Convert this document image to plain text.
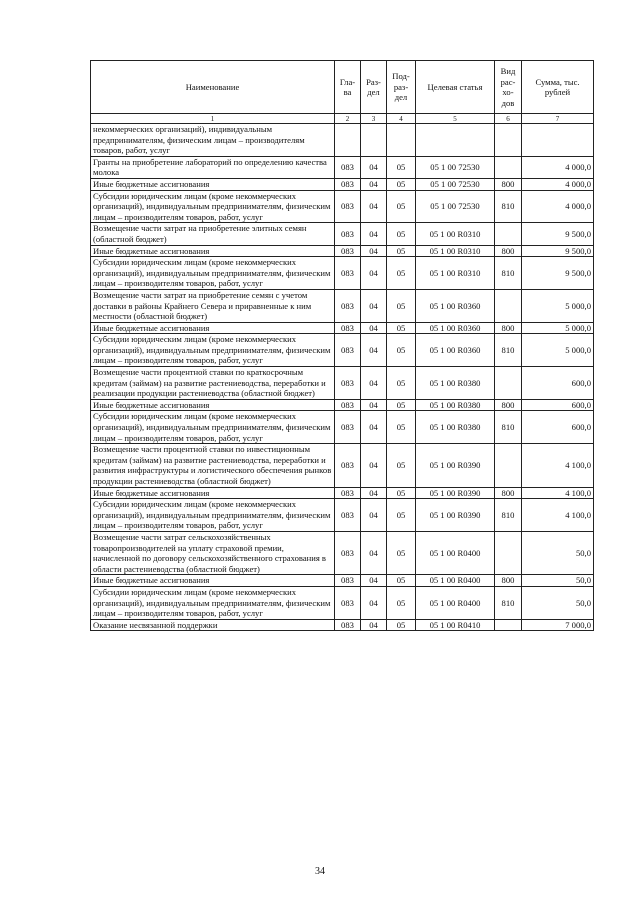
Наименование	Гла-ва	Раз-дел	Под-раз-дел	Целевая статья	Вид рас-хо-дов	Сумма, тыс. рублей
1	2	3	4	5	6	7
некоммерческих организаций), индивидуальным предпринимателям, физическим лицам – производителям товаров, работ, услуг						
Гранты на приобретение лабораторий по определению качества молока	083	04	05	05 1 00 72530		4 000,0
Иные бюджетные ассигнования	083	04	05	05 1 00 72530	800	4 000,0
Субсидии юридическим лицам (кроме некоммерческих организаций), индивидуальным предпринимателям, физическим лицам – производителям товаров, работ, услуг	083	04	05	05 1 00 72530	810	4 000,0
Возмещение части затрат на приобретение элитных семян (областной бюджет)	083	04	05	05 1 00 R0310		9 500,0
Иные бюджетные ассигнования	083	04	05	05 1 00 R0310	800	9 500,0
Субсидии юридическим лицам (кроме некоммерческих организаций), индивидуальным предпринимателям, физическим лицам – производителям товаров, работ, услуг	083	04	05	05 1 00 R0310	810	9 500,0
Возмещение части затрат на приобретение семян с учетом доставки в районы Крайнего Севера и приравненные к ним местности (областной бюджет)	083	04	05	05 1 00 R0360		5 000,0
Иные бюджетные ассигнования	083	04	05	05 1 00 R0360	800	5 000,0
Субсидии юридическим лицам (кроме некоммерческих организаций), индивидуальным предпринимателям, физическим лицам – производителям товаров, работ, услуг	083	04	05	05 1 00 R0360	810	5 000,0
Возмещение части процентной ставки по краткосрочным кредитам (займам) на развитие растениеводства, переработки и реализации продукции растениеводства (областной бюджет)	083	04	05	05 1 00 R0380		600,0
Иные бюджетные ассигнования	083	04	05	05 1 00 R0380	800	600,0
Субсидии юридическим лицам (кроме некоммерческих организаций), индивидуальным предпринимателям, физическим лицам – производителям товаров, работ, услуг	083	04	05	05 1 00 R0380	810	600,0
Возмещение части процентной ставки по инвестиционным кредитам (займам) на развитие растениеводства, переработки и развития инфраструктуры и логистического обеспечения рынков продукции растениеводства (областной бюджет)	083	04	05	05 1 00 R0390		4 100,0
Иные бюджетные ассигнования	083	04	05	05 1 00 R0390	800	4 100,0
Субсидии юридическим лицам (кроме некоммерческих организаций), индивидуальным предпринимателям, физическим лицам – производителям товаров, работ, услуг	083	04	05	05 1 00 R0390	810	4 100,0
Возмещение части затрат сельскохозяйственных товаропроизводителей на уплату страховой премии, начисленной по договору сельскохозяйственного страхования в области растениеводства (областной бюджет)	083	04	05	05 1 00 R0400		50,0
Иные бюджетные ассигнования	083	04	05	05 1 00 R0400	800	50,0
Субсидии юридическим лицам (кроме некоммерческих организаций), индивидуальным предпринимателям, физическим лицам – производителям товаров, работ, услуг	083	04	05	05 1 00 R0400	810	50,0
Оказание несвязанной поддержки	083	04	05	05 1 00 R0410		7 000,0
34
